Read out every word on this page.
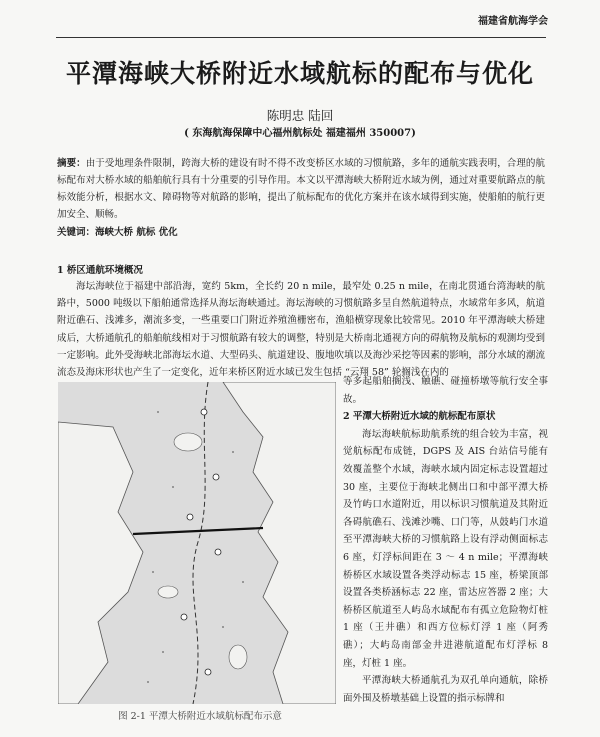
福建省航海学会
平潭海峡大桥附近水域航标的配布与优化
陈明忠 陆回
( 东海航海保障中心福州航标处 福建福州 350007)
摘要：由于受地理条件限制，跨海大桥的建设有时不得不改变桥区水域的习惯航路，多年的通航实践表明，合理的航标配布对大桥水域的船舶航行具有十分重要的引导作用。本文以平潭海峡大桥附近水域为例，通过对重要航路点的航标效能分析，根据水文、障碍物等对航路的影响，提出了航标配布的优化方案并在该水域得到实施，使船舶的航行更加安全、顺畅。
关键词：海峡大桥 航标 优化
1 桥区通航环境概况
海坛海峡位于福建中部沿海，宽约 5km，全长约 20 n mile，最窄处 0.25 n mile，在南北贯通台湾海峡的航路中，5000 吨级以下船舶通常选择从海坛海峡通过。海坛海峡的习惯航路多呈自然航道特点，水域常年多风，航道附近礁石、浅滩多，潮流多变，一些重要口门附近养殖渔栅密布，渔船横穿现象比较常见。2010 年平潭海峡大桥建成后，大桥通航孔的船舶航线相对于习惯航路有较大的调整，特别是大桥南北通视方向的碍航物及航标的观测均受到一定影响。此外受海峡北部海坛水道、大型码头、航道建设、腹地吹填以及海沙采挖等因素的影响，部分水域的潮流流态及海床形状也产生了一定变化，近年来桥区附近水域已发生包括 “云翔 58” 轮搁浅在内的

等多起船舶搁浅、触礁、碰撞桥墩等航行安全事故。

2 平潭大桥附近水域的航标配布原状

海坛海峡航标助航系统的组合较为丰富，视觉航标配布成链，DGPS 及 AIS 台站信号能有效覆盖整个水域，海峡水域内固定标志设置超过 30 座，主要位于海峡北侧出口和中部平潭大桥及竹屿口水道附近，用以标识习惯航道及其附近各碍航礁石、浅滩沙嘴、口门等，从鼓屿门水道至平潭海峡大桥的习惯航路上设有浮动侧面标志 6 座，灯浮标间距在 3 ～ 4 n mile；平潭海峡桥桥区水域设置各类浮动标志 15 座，桥梁顶部设置各类桥涵标志 22 座，雷达应答器 2 座；大桥桥区航道至人屿岛水域配布有孤立危险物灯桩 1 座（王井礁）和西方位标灯浮 1 座（阿秀礁）；大屿岛南部金井进港航道配布灯浮标 8 座，灯桩 1 座。

平潭海峡大桥通航孔为双孔单向通航，除桥面外围及桥墩基础上设置的指示标牌和

图 2-1 平潭大桥附近水域航标配布示意
